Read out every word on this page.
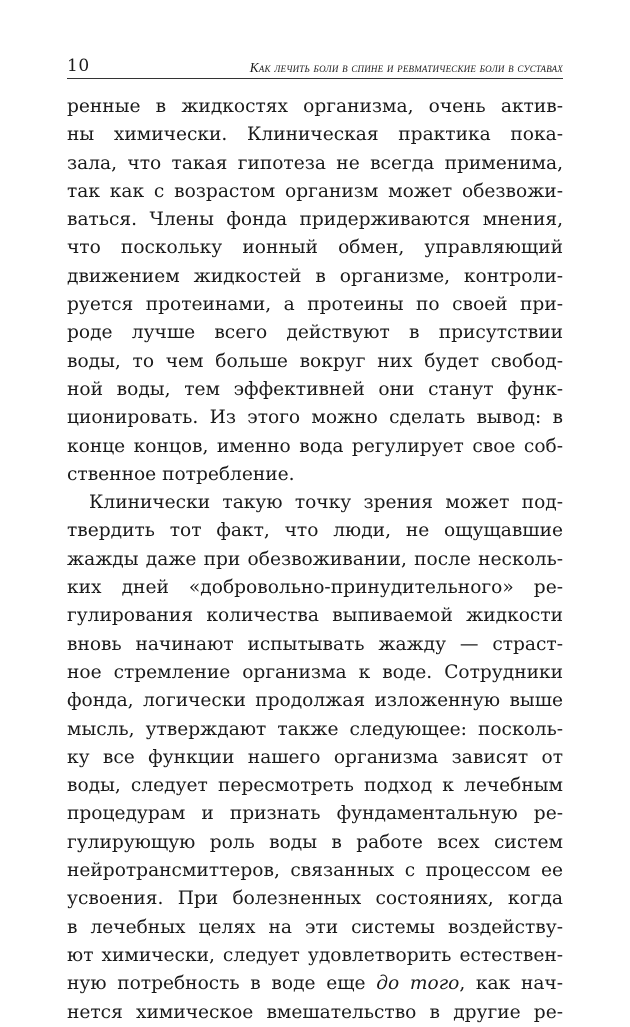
10	Как лечить боли в спине и ревматические боли в суставах
ренные в жидкостях организма, очень актив-
ны химически. Клиническая практика пока-
зала, что такая гипотеза не всегда применима,
так как с возрастом организм может обезвожи-
ваться. Члены фонда придерживаются мнения,
что поскольку ионный обмен, управляющий
движением жидкостей в организме, контроли-
руется протеинами, а протеины по своей при-
роде лучше всего действуют в присутствии
воды, то чем больше вокруг них будет свобод-
ной воды, тем эффективней они станут функ-
ционировать. Из этого можно сделать вывод: в
конце концов, именно вода регулирует свое соб-
ственное потребление.
Клинически такую точку зрения может под-
твердить тот факт, что люди, не ощущавшие
жажды даже при обезвоживании, после несколь-
ких дней «добровольно-принудительного» ре-
гулирования количества выпиваемой жидкости
вновь начинают испытывать жажду — страст-
ное стремление организма к воде. Сотрудники
фонда, логически продолжая изложенную выше
мысль, утверждают также следующее: посколь-
ку все функции нашего организма зависят от
воды, следует пересмотреть подход к лечебным
процедурам и признать фундаментальную ре-
гулирующую роль воды в работе всех систем
нейротрансмиттеров, связанных с процессом ее
усвоения. При болезненных состояниях, когда
в лечебных целях на эти системы воздейству-
ют химически, следует удовлетворить естествен-
ную потребность в воде еще до того, как нач-
нется химическое вмешательство в другие ре-
